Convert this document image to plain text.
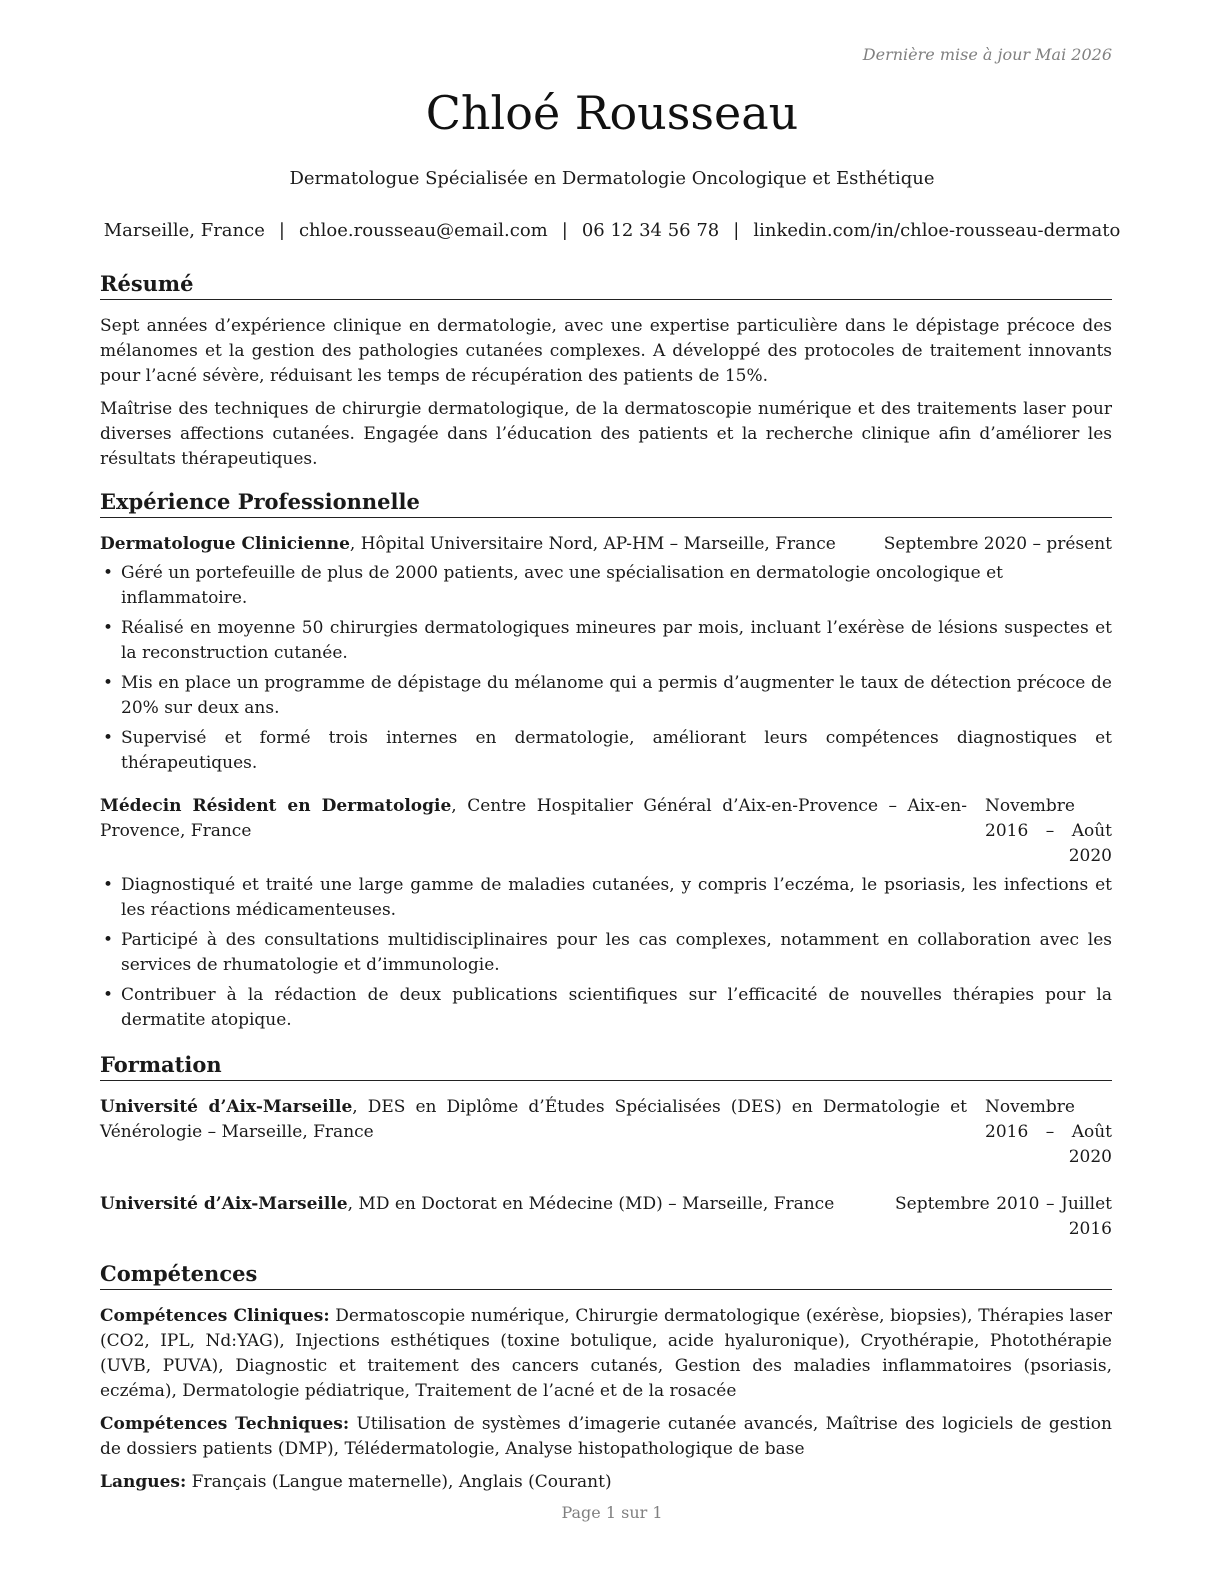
Dernière mise à jour Mai 2026
Chloé Rousseau
Dermatologue Spécialisée en Dermatologie Oncologique et Esthétique
Marseille, France | chloe.rousseau@email.com | 06 12 34 56 78 | linkedin.com/in/chloe-rousseau-dermato
Résumé

Sept années d’expérience clinique en dermatologie, avec une expertise particulière dans le dépistage précoce des mélanomes et la gestion des pathologies cutanées complexes. A développé des protocoles de traitement innovants pour l’acné sévère, réduisant les temps de récupération des patients de 15%.

Maîtrise des techniques de chirurgie dermatologique, de la dermatoscopie numérique et des traitements laser pour diverses affections cutanées. Engagée dans l’éducation des patients et la recherche clinique afin d’améliorer les résultats thérapeutiques.

Expérience Professionnelle
Dermatologue Clinicienne, Hôpital Universitaire Nord, AP-HM – Marseille, France	Septembre 2020 – présent
• Géré un portefeuille de plus de 2000 patients, avec une spécialisation en dermatologie oncologique et inflammatoire.
• Réalisé en moyenne 50 chirurgies dermatologiques mineures par mois, incluant l’exérèse de lésions suspectes et la reconstruction cutanée.
• Mis en place un programme de dépistage du mélanome qui a permis d’augmenter le taux de détection précoce de 20% sur deux ans.
• Supervisé et formé trois internes en dermatologie, améliorant leurs compétences diagnostiques et thérapeutiques.
Médecin Résident en Dermatologie, Centre Hospitalier Général d’Aix-en-Provence – Aix-en-Provence, France
Novembre 2016 – Août 2020
• Diagnostiqué et traité une large gamme de maladies cutanées, y compris l’eczéma, le psoriasis, les infections et les réactions médicamenteuses.
• Participé à des consultations multidisciplinaires pour les cas complexes, notamment en collaboration avec les services de rhumatologie et d’immunologie.
• Contribuer à la rédaction de deux publications scientifiques sur l’efficacité de nouvelles thérapies pour la dermatite atopique.
Formation
Université d’Aix-Marseille, DES en Diplôme d’Études Spécialisées (DES) en Dermatologie et Vénérologie – Marseille, France
Novembre 2016 – Août 2020
Université d’Aix-Marseille, MD en Doctorat en Médecine (MD) – Marseille, France	Septembre 2010 – Juillet 2016
Compétences

Compétences Cliniques: Dermatoscopie numérique, Chirurgie dermatologique (exérèse, biopsies), Thérapies laser (CO2, IPL, Nd:YAG), Injections esthétiques (toxine botulique, acide hyaluronique), Cryothérapie, Photothérapie (UVB, PUVA), Diagnostic et traitement des cancers cutanés, Gestion des maladies inflammatoires (psoriasis, eczéma), Dermatologie pédiatrique, Traitement de l’acné et de la rosacée

Compétences Techniques: Utilisation de systèmes d’imagerie cutanée avancés, Maîtrise des logiciels de gestion de dossiers patients (DMP), Télédermatologie, Analyse histopathologique de base

Langues: Français (Langue maternelle), Anglais (Courant)

Page 1 sur 1
